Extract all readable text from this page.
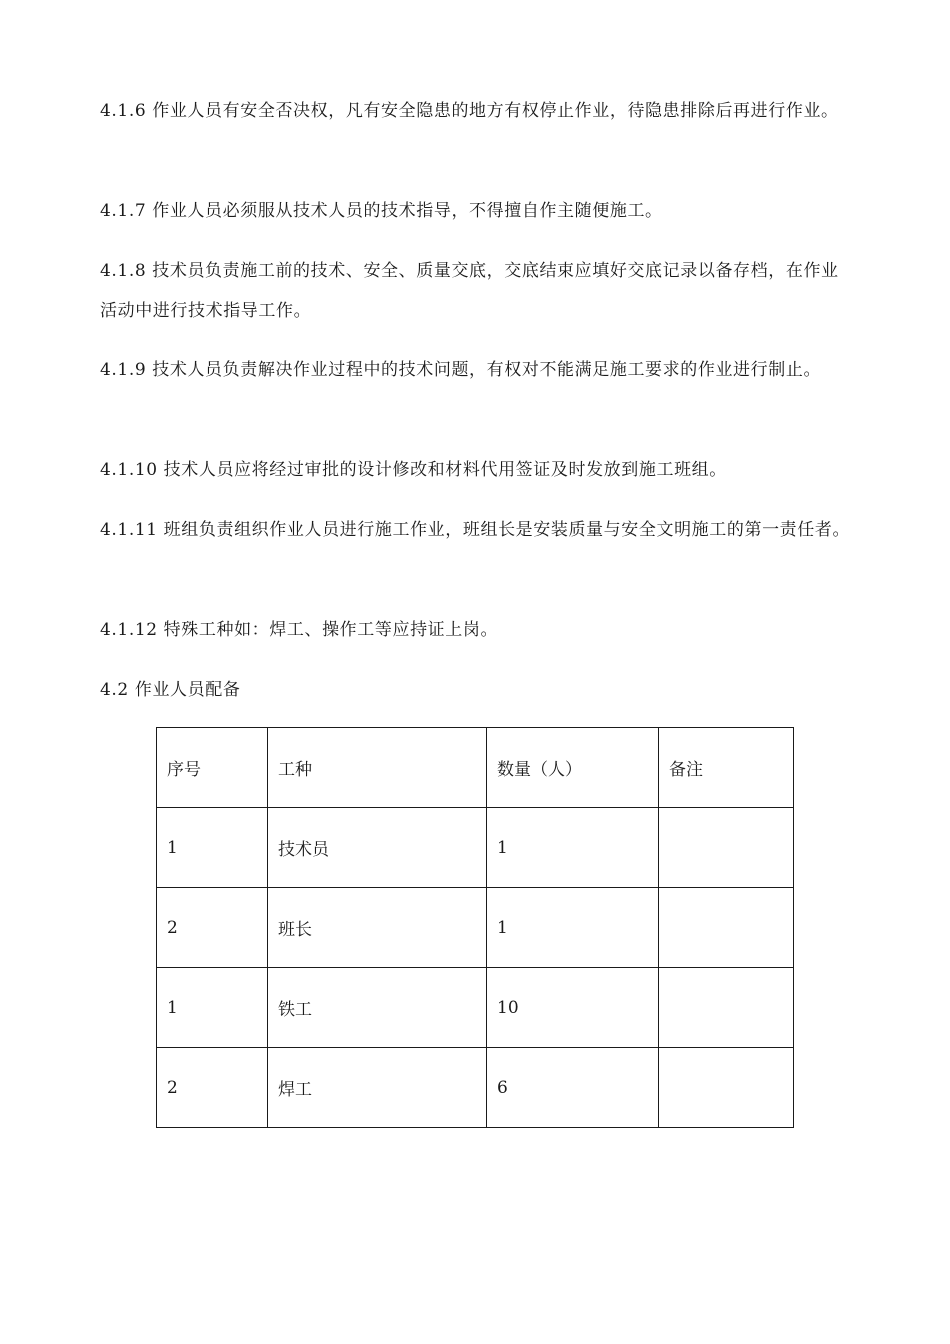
4.1.6 作业人员有安全否决权，凡有安全隐患的地方有权停止作业，待隐患排除后再进行作业。

4.1.7 作业人员必须服从技术人员的技术指导，不得擅自作主随便施工。

4.1.8 技术员负责施工前的技术、安全、质量交底，交底结束应填好交底记录以备存档，在作业活动中进行技术指导工作。

4.1.9 技术人员负责解决作业过程中的技术问题，有权对不能满足施工要求的作业进行制止。

4.1.10 技术人员应将经过审批的设计修改和材料代用签证及时发放到施工班组。

4.1.11 班组负责组织作业人员进行施工作业，班组长是安装质量与安全文明施工的第一责任者。

4.1.12 特殊工种如：焊工、操作工等应持证上岗。

4.2 作业人员配备

序号	工种	数量（人）	备注
1	技术员	1	
2	班长	1	
1	铁工	10	
2	焊工	6	
